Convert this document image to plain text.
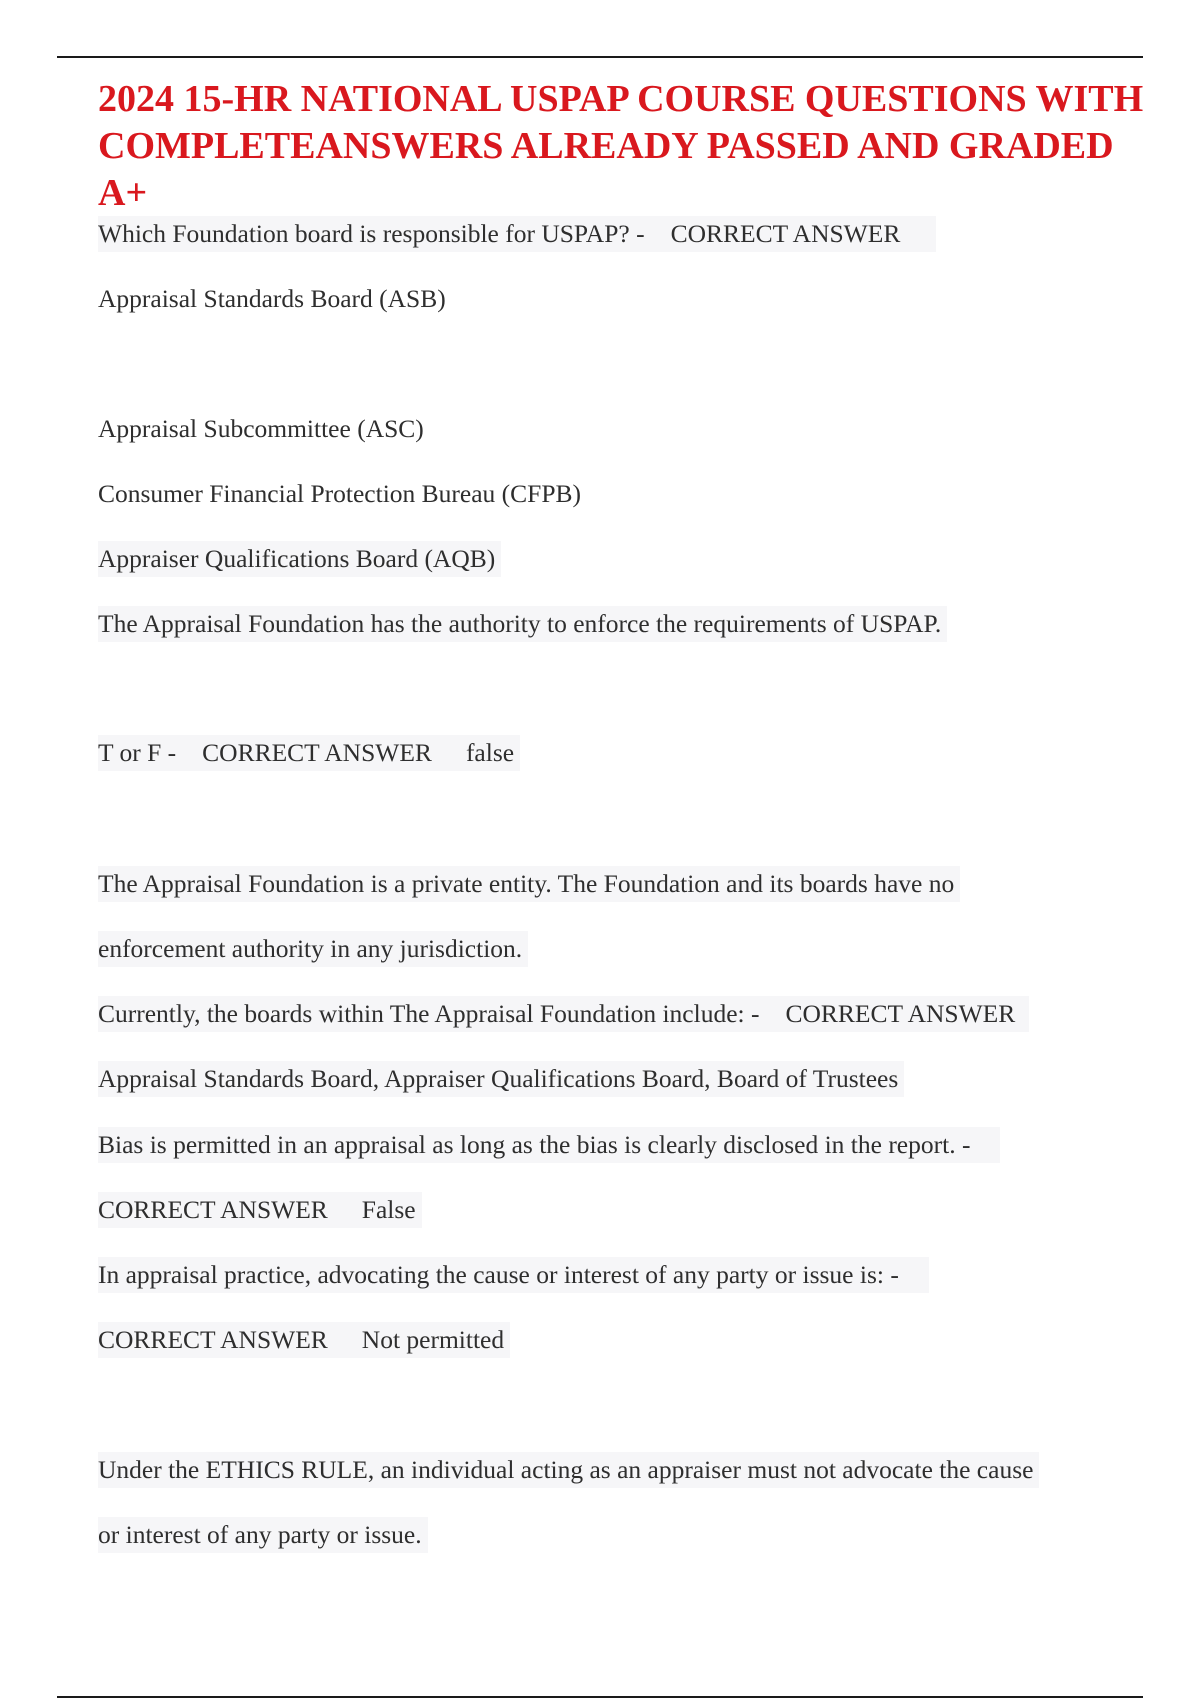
2024 15-HR NATIONAL USPAP COURSE QUESTIONS WITH COMPLETEANSWERS ALREADY PASSED AND GRADED A+
Which Foundation board is responsible for USPAP? - CORRECT ANSWER
Appraisal Standards Board (ASB)
Appraisal Subcommittee (ASC)
Consumer Financial Protection Bureau (CFPB)
Appraiser Qualifications Board (AQB)
The Appraisal Foundation has the authority to enforce the requirements of USPAP.
T or F - CORRECT ANSWER false
The Appraisal Foundation is a private entity. The Foundation and its boards have no
enforcement authority in any jurisdiction.
Currently, the boards within The Appraisal Foundation include: - CORRECT ANSWER
Appraisal Standards Board, Appraiser Qualifications Board, Board of Trustees
Bias is permitted in an appraisal as long as the bias is clearly disclosed in the report. -
CORRECT ANSWER False
In appraisal practice, advocating the cause or interest of any party or issue is: -
CORRECT ANSWER Not permitted
Under the ETHICS RULE, an individual acting as an appraiser must not advocate the cause
or interest of any party or issue.
